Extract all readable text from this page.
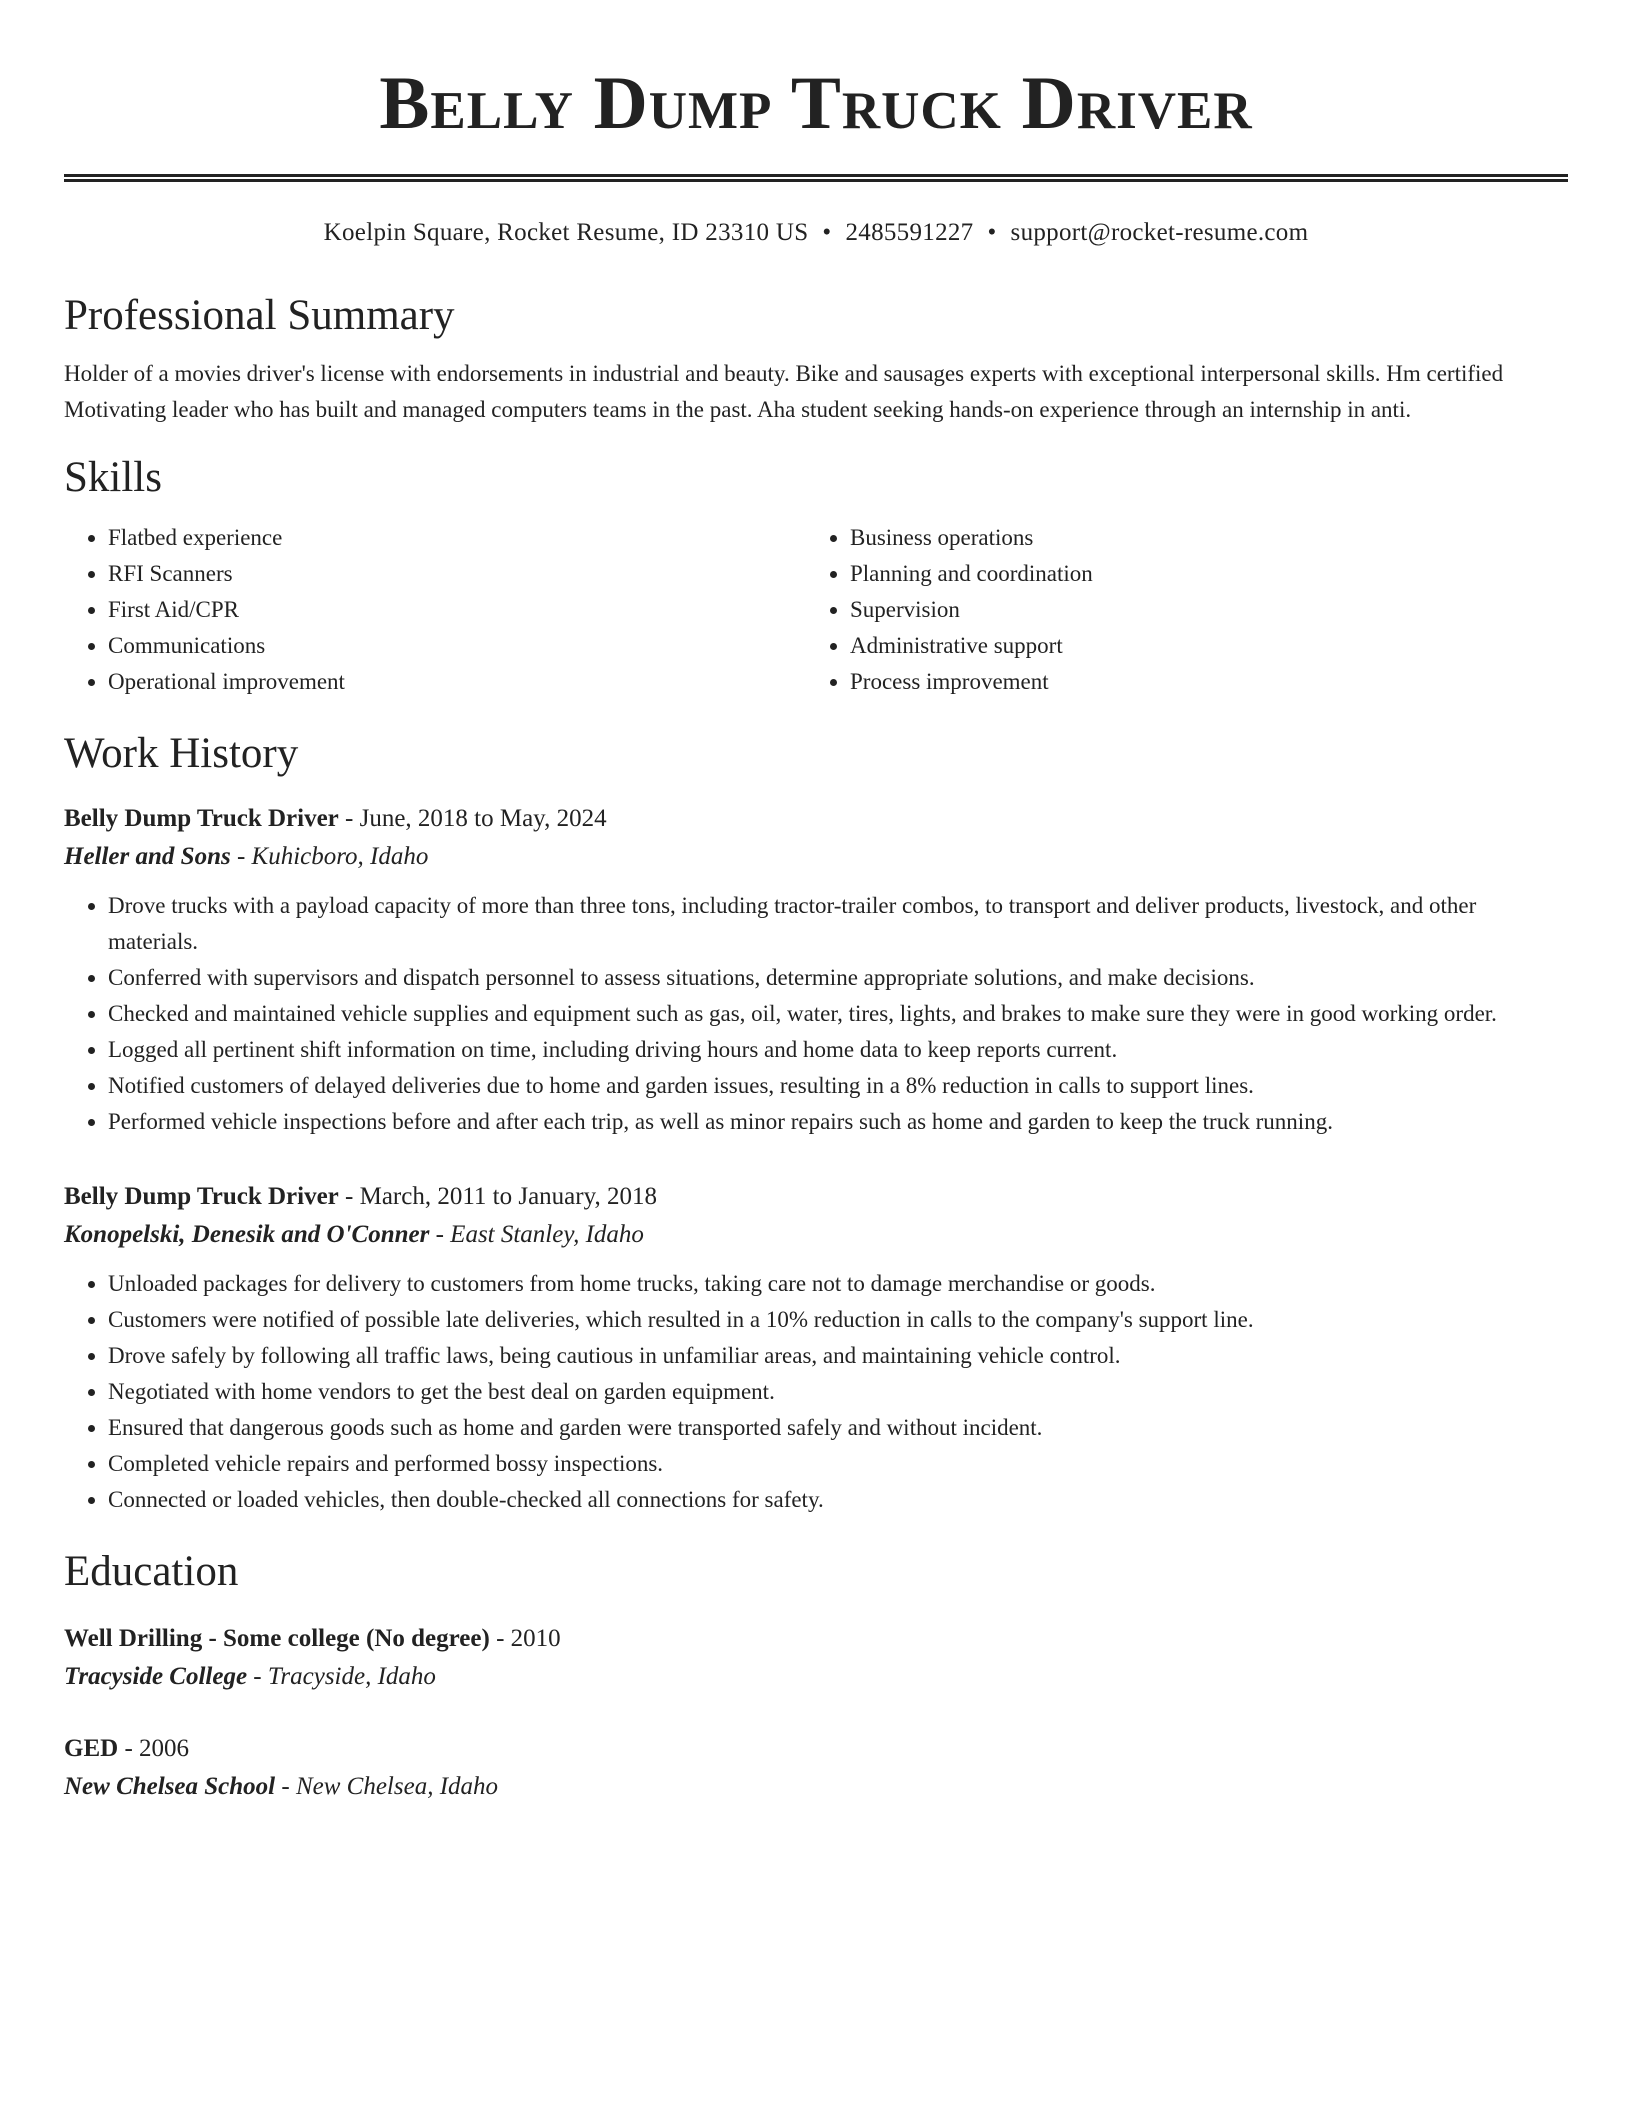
Belly Dump Truck Driver
Koelpin Square, Rocket Resume, ID 23310 US • 2485591227 • support@rocket-resume.com
Professional Summary

Holder of a movies driver's license with endorsements in industrial and beauty. Bike and sausages experts with exceptional interpersonal skills. Hm certified Motivating leader who has built and managed computers teams in the past. Aha student seeking hands-on experience through an internship in anti.

Skills
• Flatbed experience
• RFI Scanners
• First Aid/CPR
• Communications
• Operational improvement
• Business operations
• Planning and coordination
• Supervision
• Administrative support
• Process improvement
Work History
Belly Dump Truck Driver - June, 2018 to May, 2024
Heller and Sons - Kuhicboro, Idaho
• Drove trucks with a payload capacity of more than three tons, including tractor-trailer combos, to transport and deliver products, livestock, and other materials.
• Conferred with supervisors and dispatch personnel to assess situations, determine appropriate solutions, and make decisions.
• Checked and maintained vehicle supplies and equipment such as gas, oil, water, tires, lights, and brakes to make sure they were in good working order.
• Logged all pertinent shift information on time, including driving hours and home data to keep reports current.
• Notified customers of delayed deliveries due to home and garden issues, resulting in a 8% reduction in calls to support lines.
• Performed vehicle inspections before and after each trip, as well as minor repairs such as home and garden to keep the truck running.
Belly Dump Truck Driver - March, 2011 to January, 2018
Konopelski, Denesik and O'Conner - East Stanley, Idaho
• Unloaded packages for delivery to customers from home trucks, taking care not to damage merchandise or goods.
• Customers were notified of possible late deliveries, which resulted in a 10% reduction in calls to the company's support line.
• Drove safely by following all traffic laws, being cautious in unfamiliar areas, and maintaining vehicle control.
• Negotiated with home vendors to get the best deal on garden equipment.
• Ensured that dangerous goods such as home and garden were transported safely and without incident.
• Completed vehicle repairs and performed bossy inspections.
• Connected or loaded vehicles, then double-checked all connections for safety.
Education
Well Drilling - Some college (No degree) - 2010
Tracyside College - Tracyside, Idaho
GED - 2006
New Chelsea School - New Chelsea, Idaho
